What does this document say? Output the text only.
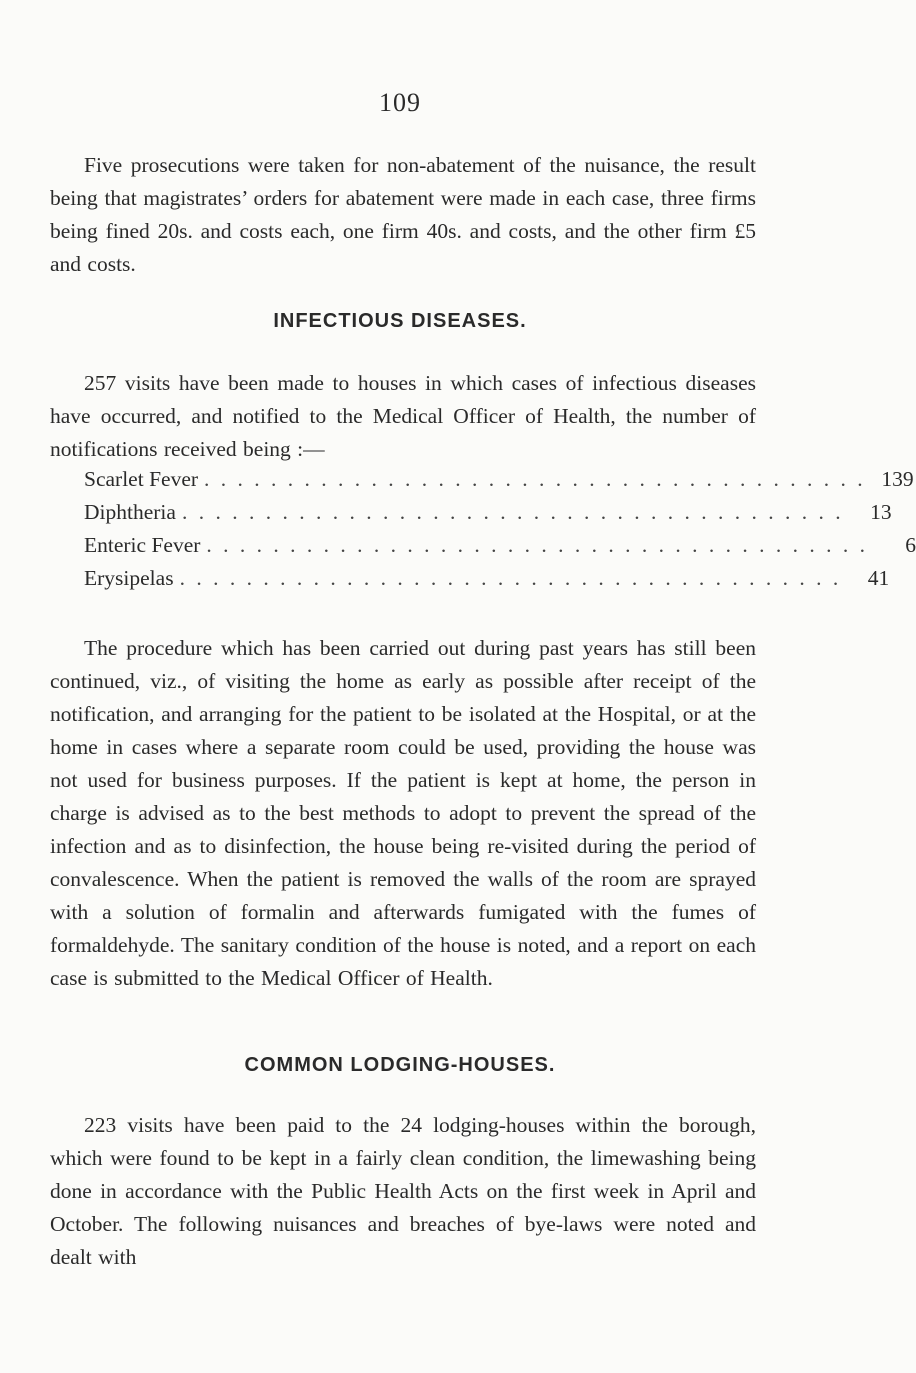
109

Five prosecutions were taken for non-abatement of the nuisance, the result being that magistrates’ orders for abatement were made in each case, three firms being fined 20s. and costs each, one firm 40s. and costs, and the other firm £5 and costs.

INFECTIOUS DISEASES.

257 visits have been made to houses in which cases of infectious diseases have occurred, and notified to the Medical Officer of Health, the number of notifications received being :—

Scarlet Fever . . . . . . . . . . . . . . . . . . . . . . . . . . . . . . . . . . . . . . . . 139
Diphtheria . . . . . . . . . . . . . . . . . . . . . . . . . . . . . . . . . . . . . . . .	13
Enteric Fever . . . . . . . . . . . . . . . . . . . . . . . . . . . . . . . . . . . . . . . .	6
Erysipelas . . . . . . . . . . . . . . . . . . . . . . . . . . . . . . . . . . . . . . . .	41

The procedure which has been carried out during past years has still been continued, viz., of visiting the home as early as possible after receipt of the notification, and arranging for the patient to be isolated at the Hospital, or at the home in cases where a separate room could be used, providing the house was not used for business purposes. If the patient is kept at home, the person in charge is advised as to the best methods to adopt to prevent the spread of the infection and as to disinfection, the house being re-visited during the period of convalescence. When the patient is removed the walls of the room are sprayed with a solution of formalin and afterwards fumigated with the fumes of formaldehyde. The sanitary condition of the house is noted, and a report on each case is submitted to the Medical Officer of Health.

COMMON LODGING-HOUSES.

223 visits have been paid to the 24 lodging-houses within the borough, which were found to be kept in a fairly clean condition, the limewashing being done in accordance with the Public Health Acts on the first week in April and October. The following nuisances and breaches of bye-laws were noted and dealt with
